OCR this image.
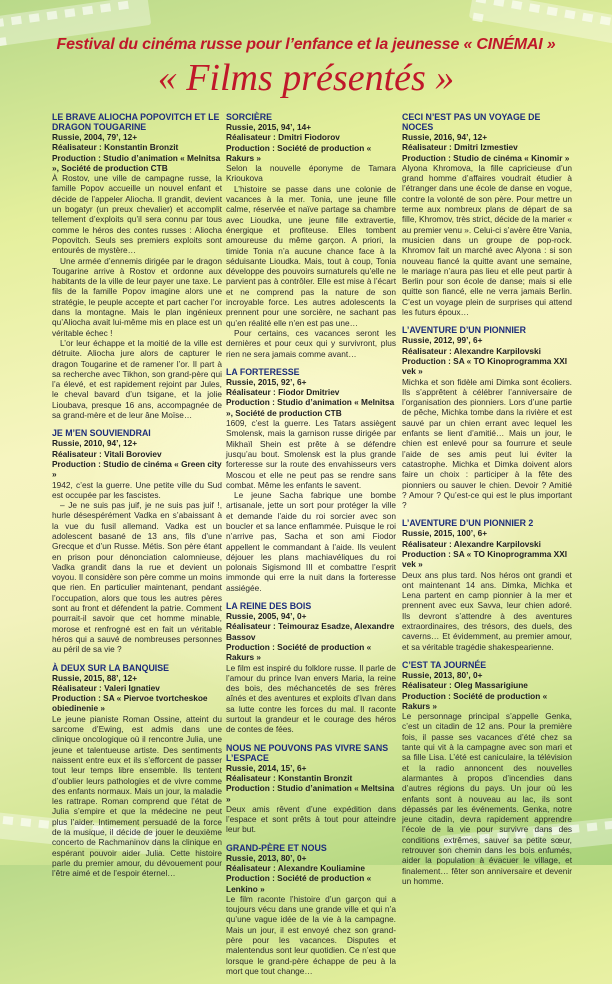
Festival du cinéma russe pour l’enfance et la jeunesse « CINÉMAI »
« Films présentés »
LE BRAVE ALIOCHA POPOVITCH ET LE DRAGON TOUGARINE
Russie, 2004, 79’, 12+
Réalisateur : Konstantin Bronzit
Production : Studio d’animation « Melnitsa », Société de production CTB

À Rostov, une ville de campagne russe, la famille Popov accueille un nouvel enfant et décide de l’appeler Aliocha. Il grandit, devient un bogatyr (un preux chevalier) et accomplit tellement d’exploits qu’il sera connu par tous comme le héros des contes russes : Aliocha Popovitch. Seuls ses premiers exploits sont entourés de mystère…

Une armée d’ennemis dirigée par le dragon Tougarine arrive à Rostov et ordonne aux habitants de la ville de leur payer une taxe. Le fils de la famille Popov imagine alors une stratégie, le peuple accepte et part cacher l’or dans la montagne. Mais le plan ingénieux qu’Aliocha avait lui-même mis en place est un véritable échec !

L’or leur échappe et la moitié de la ville est détruite. Aliocha jure alors de capturer le dragon Tougarine et de ramener l’or. Il part à sa recherche avec Tikhon, son grand-père qui l’a élevé, et est rapidement rejoint par Jules, le cheval bavard d’un tsigane, et la jolie Lioubava, presque 16 ans, accompagnée de sa grand-mère et de leur âne Moïse…

JE M’EN SOUVIENDRAI
Russie, 2010, 94’, 12+
Réalisateur : Vitali Boroviev
Production : Studio de cinéma « Green city »

1942, c’est la guerre. Une petite ville du Sud est occupée par les fascistes.

– Je ne suis pas juif, je ne suis pas juif !, hurle désespérément Vadka en s’abaissant à la vue du fusil allemand. Vadka est un adolescent basané de 13 ans, fils d’une Grecque et d’un Russe. Métis. Son père étant en prison pour dénonciation calomnieuse, Vadka grandit dans la rue et devient un voyou. Il considère son père comme un moins que rien. En particulier maintenant, pendant l’occupation, alors que tous les autres pères sont au front et défendent la patrie. Comment pourrait-il savoir que cet homme minable, morose et renfrogné est en fait un véritable héros qui a sauvé de nombreuses personnes au péril de sa vie ?

À DEUX SUR LA BANQUISE
Russie, 2015, 88’, 12+
Réalisateur : Valeri Ignatiev
Production : SA « Piervoe tvortcheskoe obiedinenie »

Le jeune pianiste Roman Ossine, atteint du sarcome d’Ewing, est admis dans une clinique oncologique où il rencontre Julia, une jeune et talentueuse artiste. Des sentiments naissent entre eux et ils s’efforcent de passer tout leur temps libre ensemble. Ils tentent d’oublier leurs pathologies et de vivre comme des enfants normaux. Mais un jour, la maladie les rattrape. Roman comprend que l’état de Julia s’empire et que la médecine ne peut plus l’aider. Intimement persuadé de la force de la musique, il décide de jouer le deuxième concerto de Rachmaninov dans la clinique en espérant pouvoir aider Julia. Cette histoire parle du premier amour, du dévouement pour l’être aimé et de l’espoir éternel…

SORCIÈRE
Russie, 2015, 94’, 14+
Réalisateur : Dmitri Fiodorov
Production : Société de production « Rakurs »

Selon la nouvelle éponyme de Tamara Krioukova

L’histoire se passe dans une colonie de vacances à la mer. Tonia, une jeune fille calme, réservée et naïve partage sa chambre avec Lioudka, une jeune fille extravertie, énergique et profiteuse. Elles tombent amoureuse du même garçon. A priori, la timide Tonia n’a aucune chance face à la séduisante Lioudka. Mais, tout à coup, Tonia développe des pouvoirs surnaturels qu’elle ne parvient pas à contrôler. Elle est mise à l’écart et ne comprend pas la nature de son incroyable force. Les autres adolescents la prennent pour une sorcière, ne sachant pas qu’en réalité elle n’en est pas une…

Pour certains, ces vacances seront les dernières et pour ceux qui y survivront, plus rien ne sera jamais comme avant…

LA FORTERESSE
Russie, 2015, 92’, 6+
Réalisateur : Fiodor Dmitriev
Production : Studio d’animation « Melnitsa », Société de production CTB

1609, c’est la guerre. Les Tatars assiègent Smolensk, mais la garnison russe dirigée par Mikhaïl Shein est prête à se défendre jusqu’au bout. Smolensk est la plus grande forteresse sur la route des envahisseurs vers Moscou et elle ne peut pas se rendre sans combat. Même les enfants le savent.

Le jeune Sacha fabrique une bombe artisanale, jette un sort pour protéger la ville et demande l’aide du roi sorcier avec son boucler et sa lance enflammée. Puisque le roi n’arrive pas, Sacha et son ami Fiodor appellent le commandant à l’aide. Ils veulent déjouer les plans machiavéliques du roi polonais Sigismond III et combattre l’esprit immonde qui erre la nuit dans la forteresse assiégée.

LA REINE DES BOIS
Russie, 2005, 94’, 0+
Réalisateur : Teimouraz Esadze, Alexandre Bassov
Production : Société de production « Rakurs »

Le film est inspiré du folklore russe. Il parle de l’amour du prince Ivan envers Maria, la reine des bois, des méchancetés de ses frères aînés et des aventures et exploits d’Ivan dans sa lutte contre les forces du mal. Il raconte surtout la grandeur et le courage des héros de contes de fées.

NOUS NE POUVONS PAS VIVRE SANS L’ESPACE
Russie, 2014, 15’, 6+
Réalisateur : Konstantin Bronzit
Production : Studio d’animation « Meltsina »

Deux amis rêvent d’une expédition dans l’espace et sont prêts à tout pour atteindre leur but.

GRAND-PÈRE ET NOUS
Russie, 2013, 80’, 0+
Réalisateur : Alexandre Kouliamine
Production : Société de production « Lenkino »

Le film raconte l’histoire d’un garçon qui a toujours vécu dans une grande ville et qui n’a qu’une vague idée de la vie à la campagne. Mais un jour, il est envoyé chez son grand-père pour les vacances. Disputes et malentendus sont leur quotidien. Ce n’est que lorsque le grand-père échappe de peu à la mort que tout change…

CECI N’EST PAS UN VOYAGE DE NOCES
Russie, 2016, 94’, 12+
Réalisateur : Dmitri Izmestiev
Production : Studio de cinéma « Kinomir »

Alyona Khromova, la fille capricieuse d’un grand homme d’affaires voudrait étudier à l’étranger dans une école de danse en vogue, contre la volonté de son père. Pour mettre un terme aux nombreux plans de départ de sa fille, Khromov, très strict, décide de la marier « au premier venu ». Celui-ci s’avère être Vania, musicien dans un groupe de pop-rock. Khromov fait un marché avec Alyona : si son nouveau fiancé la quitte avant une semaine, le mariage n’aura pas lieu et elle peut partir à Berlin pour son école de danse; mais si elle quitte son fiancé, elle ne verra jamais Berlin. C’est un voyage plein de surprises qui attend les futurs époux…

L’AVENTURE D’UN PIONNIER
Russie, 2012, 99’, 6+
Réalisateur : Alexandre Karpilovski
Production : SA « TO Kinoprogramma XXI vek »

Michka et son fidèle ami Dimka sont écoliers. Ils s’apprêtent à célébrer l’anniversaire de l’organisation des pionniers. Lors d’une partie de pêche, Michka tombe dans la rivière et est sauvé par un chien errant avec lequel les enfants se lient d’amitié… Mais un jour, le chien est enlevé pour sa fourrure et seule l’aide de ses amis peut lui éviter la catastrophe. Michka et Dimka doivent alors faire un choix : participer à la fête des pionniers ou sauver le chien. Devoir ? Amitié ? Amour ? Qu’est-ce qui est le plus important ?

L’AVENTURE D’UN PIONNIER 2
Russie, 2015, 100’, 6+
Réalisateur : Alexandre Karpilovski
Production : SA « TO Kinoprogramma XXI vek »

Deux ans plus tard. Nos héros ont grandi et ont maintenant 14 ans. Dimka, Michka et Lena partent en camp pionnier à la mer et prennent avec eux Savva, leur chien adoré. Ils devront s’attendre à des aventures extraordinaires, des trésors, des duels, des caverns… Et évidemment, au premier amour, et sa véritable tragédie shakespearienne.

C’EST TA JOURNÉE
Russie, 2013, 80’, 0+
Réalisateur : Oleg Massarigiune
Production : Société de production « Rakurs »

Le personnage principal s’appelle Genka, c’est un citadin de 12 ans. Pour la première fois, il passe ses vacances d’été chez sa tante qui vit à la campagne avec son mari et sa fille Lisa. L’été est caniculaire, la télévision et la radio annoncent des nouvelles alarmantes à propos d’incendies dans d’autres régions du pays. Un jour où les enfants sont à nouveau au lac, ils sont dépassés par les événements. Genka, notre jeune citadin, devra rapidement apprendre l’école de la vie pour survivre dans des conditions extrêmes, sauver sa petite sœur, retrouver son chemin dans les bois enfumés, aider la population à évacuer le village, et finalement… fêter son anniversaire et devenir un homme.
